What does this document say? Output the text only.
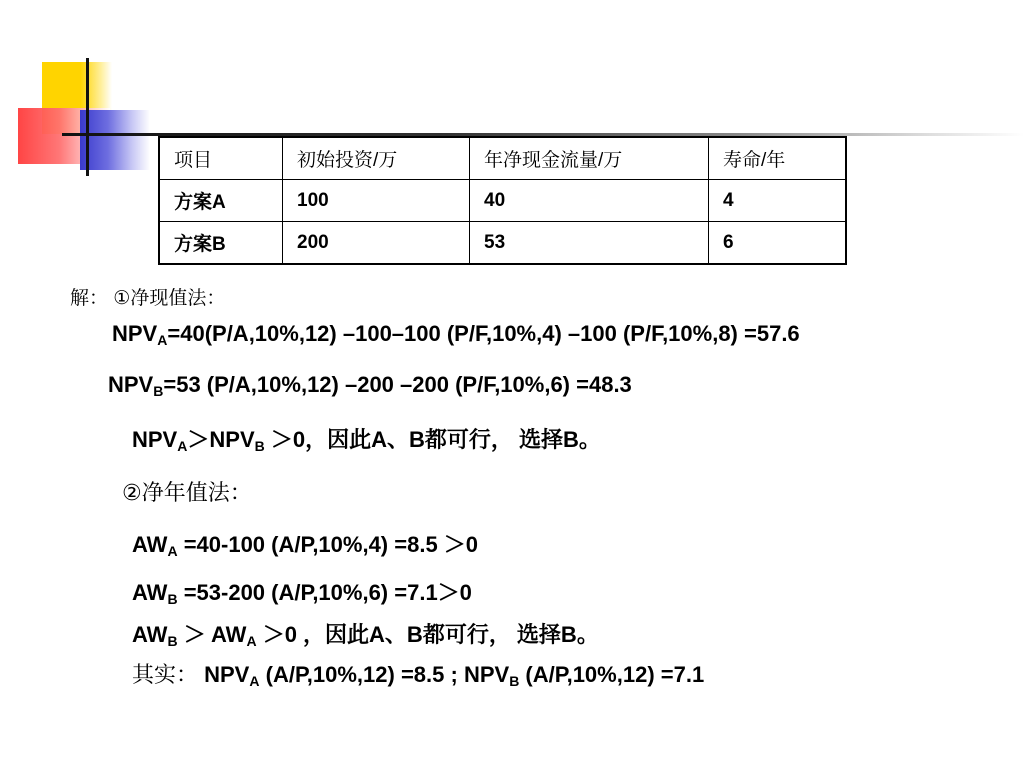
项目	初始投资/万	年净现金流量/万	寿命/年
方案A	100	40	4
方案B	200	53	6
解： ①净现值法：
$NPV_A=40(P/A,10\%,12)$ –100–100 (P/F,10%,4) –100 (P/F,10%,8) =57.6
$NPV_B=53$ (P/A,10%,12) –200 –200 (P/F,10%,6) =48.3
$NPV_A>NPV_B >0$，因此A、B都可行， 选择B。
②净年值法：
$AW_A =40-100$ (A/P,10%,4) =8.5 ＞0
$AW_B =53-200$ (A/P,10%,6) =7.1＞0
$AW_B > AW_A >0$ ，因此A、B都可行， 选择B。
其实： $NPV_A$ (A/P,10%,12) =8.5 ; $NPV_B$ (A/P,10%,12) =7.1
